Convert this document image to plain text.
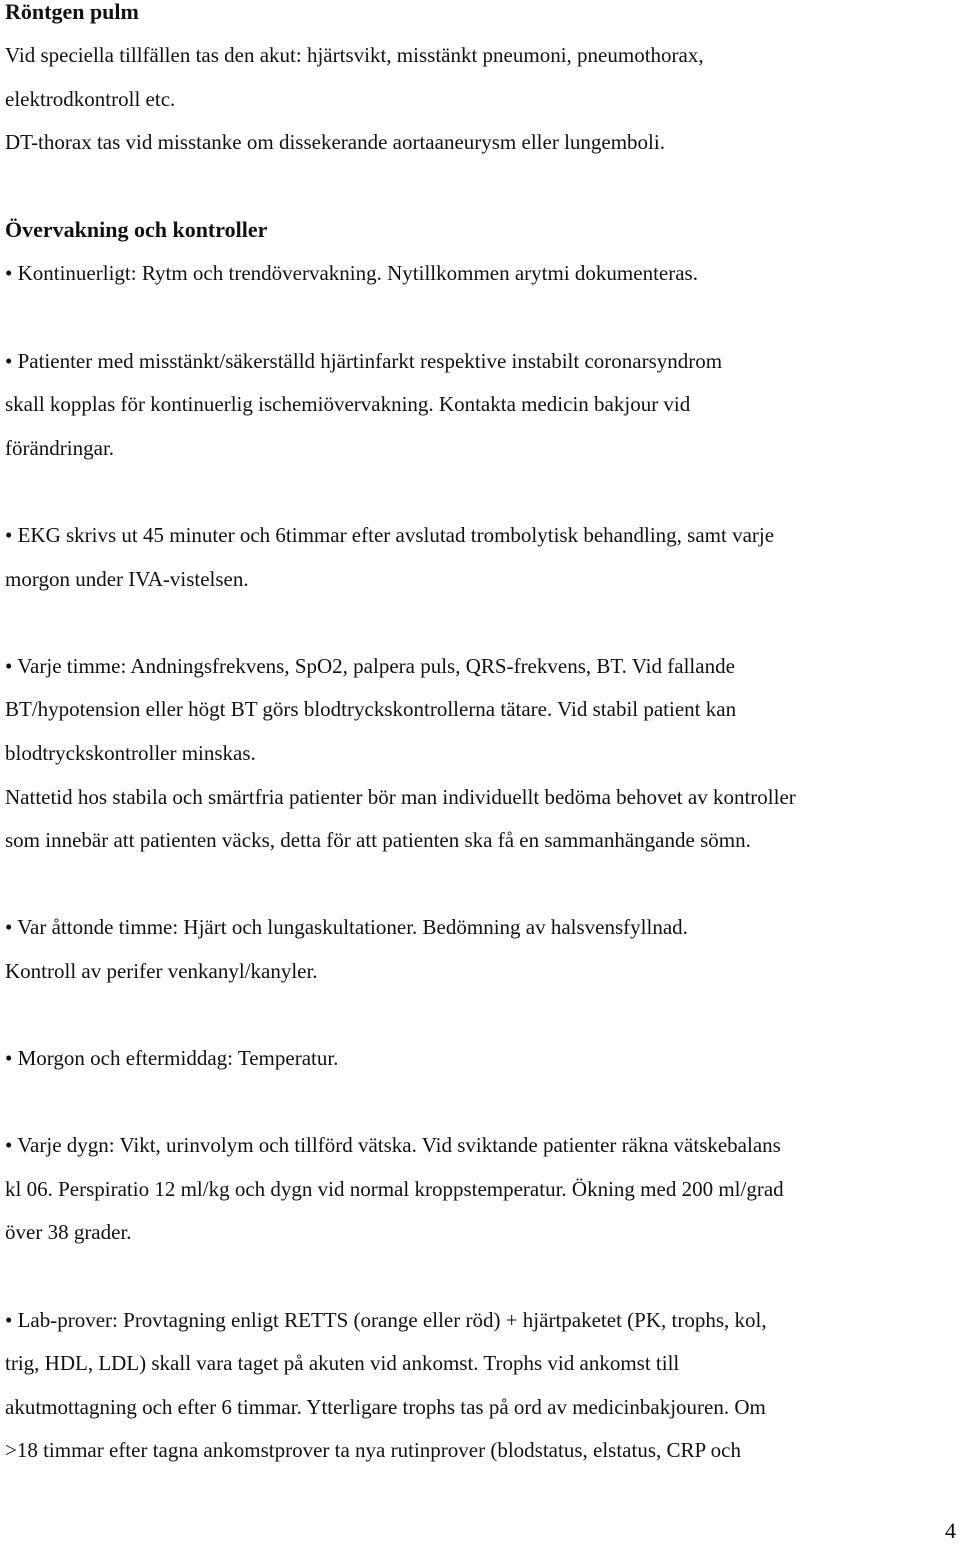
Röntgen pulm
Vid speciella tillfällen tas den akut: hjärtsvikt, misstänkt pneumoni, pneumothorax,
elektrodkontroll etc.
DT-thorax tas vid misstanke om dissekerande aortaaneurysm eller lungemboli.
Övervakning och kontroller
• Kontinuerligt: Rytm och trendövervakning. Nytillkommen arytmi dokumenteras.
• Patienter med misstänkt/säkerställd hjärtinfarkt respektive instabilt coronarsyndrom
skall kopplas för kontinuerlig ischemiövervakning. Kontakta medicin bakjour vid
förändringar.
• EKG skrivs ut 45 minuter och 6timmar efter avslutad trombolytisk behandling, samt varje
morgon under IVA-vistelsen.
• Varje timme: Andningsfrekvens, SpO2, palpera puls, QRS-frekvens, BT. Vid fallande
BT/hypotension eller högt BT görs blodtryckskontrollerna tätare. Vid stabil patient kan
blodtryckskontroller minskas.
Nattetid hos stabila och smärtfria patienter bör man individuellt bedöma behovet av kontroller
som innebär att patienten väcks, detta för att patienten ska få en sammanhängande sömn.
• Var åttonde timme: Hjärt och lungaskultationer. Bedömning av halsvensfyllnad.
Kontroll av perifer venkanyl/kanyler.
• Morgon och eftermiddag: Temperatur.
• Varje dygn: Vikt, urinvolym och tillförd vätska. Vid sviktande patienter räkna vätskebalans
kl 06. Perspiratio 12 ml/kg och dygn vid normal kroppstemperatur. Ökning med 200 ml/grad
över 38 grader.
• Lab-prover: Provtagning enligt RETTS (orange eller röd) + hjärtpaketet (PK, trophs, kol,
trig, HDL, LDL) skall vara taget på akuten vid ankomst. Trophs vid ankomst till
akutmottagning och efter 6 timmar. Ytterligare trophs tas på ord av medicinbakjouren. Om
>18 timmar efter tagna ankomstprover ta nya rutinprover (blodstatus, elstatus, CRP och
4
